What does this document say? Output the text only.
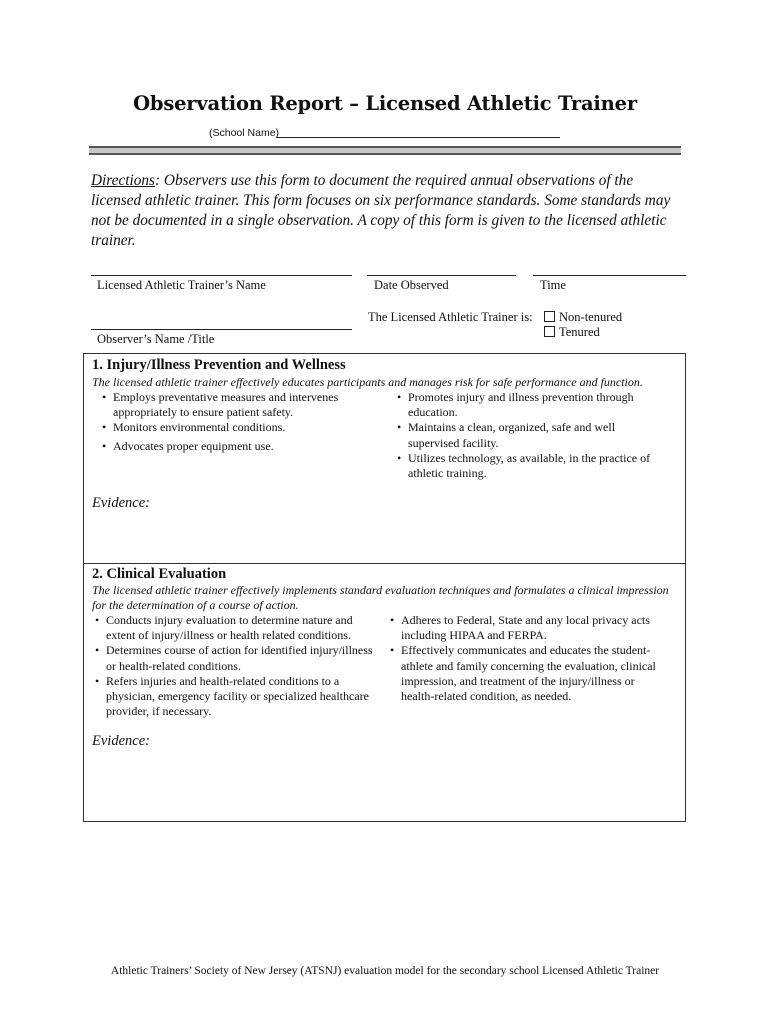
Observation Report – Licensed Athletic Trainer
(School Name)
Directions: Observers use this form to document the required annual observations of the licensed athletic trainer. This form focuses on six performance standards. Some standards may not be documented in a single observation. A copy of this form is given to the licensed athletic trainer.
Licensed Athletic Trainer’s Name	Date Observed	Time
The Licensed Athletic Trainer is:	Non-tenured
Tenured
Observer’s Name /Title
1. Injury/Illness Prevention and Wellness
The licensed athletic trainer effectively educates participants and manages risk for safe performance and function.
• Employs preventative measures and intervenes appropriately to ensure patient safety.
• Monitors environmental conditions.
• Advocates proper equipment use.
• Promotes injury and illness prevention through education.
• Maintains a clean, organized, safe and well supervised facility.
• Utilizes technology, as available, in the practice of athletic training.
Evidence:
2. Clinical Evaluation
The licensed athletic trainer effectively implements standard evaluation techniques and formulates a clinical impression for the determination of a course of action.
• Conducts injury evaluation to determine nature and extent of injury/illness or health related conditions.
• Determines course of action for identified injury/illness or health-related conditions.
• Refers injuries and health-related conditions to a physician, emergency facility or specialized healthcare provider, if necessary.
• Adheres to Federal, State and any local privacy acts including HIPAA and FERPA.
• Effectively communicates and educates the student-athlete and family concerning the evaluation, clinical impression, and treatment of the injury/illness or health-related condition, as needed.
Evidence:
Athletic Trainers’ Society of New Jersey (ATSNJ) evaluation model for the secondary school Licensed Athletic Trainer
